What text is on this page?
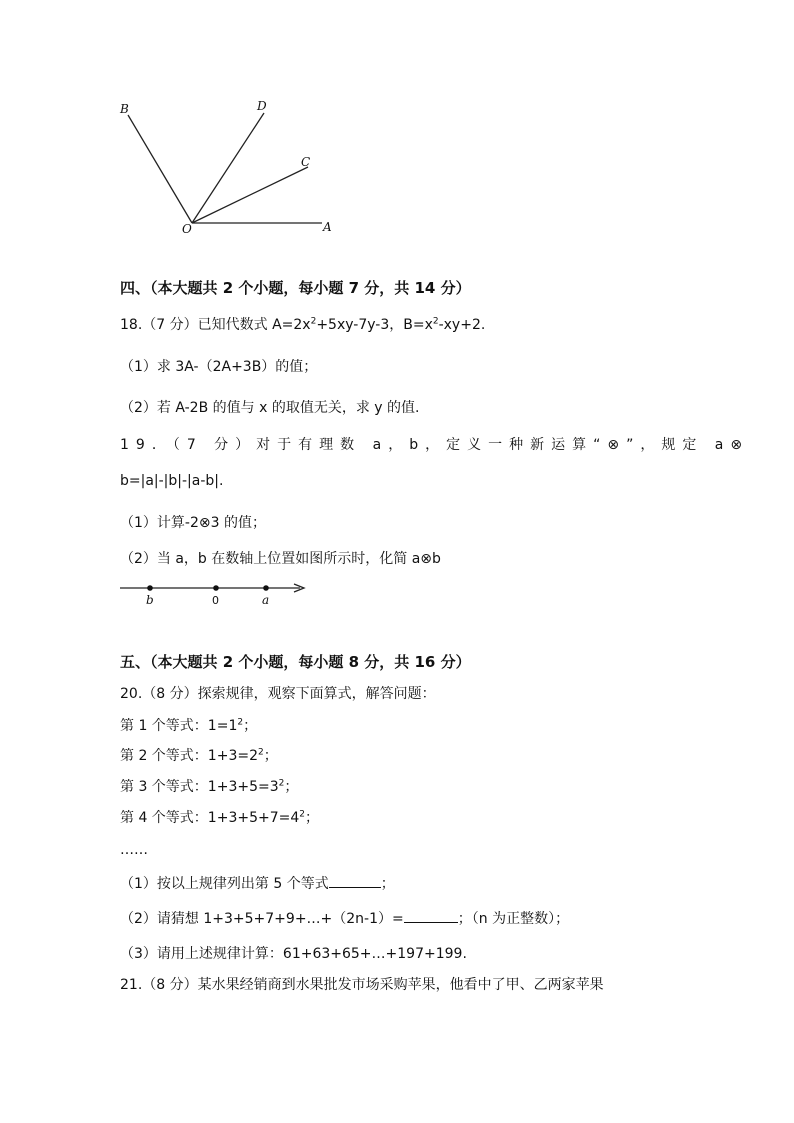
B	D
C
O	A
四、（本大题共 2 个小题，每小题 7 分，共 14 分）
18.（7 分）已知代数式 $A=2x^2+5xy-7y-3$，$B=x^2-xy+2$.
（1）求 3A-（2A+3B）的值；
（2）若 A-2B 的值与 x 的取值无关，求 y 的值.
19．（7 分）对于有理数 a，b，定义一种新运算“⊗”，规定 a⊗
b=|a|-|b|-|a-b|.
（1）计算-2⊗3 的值；
（2）当 a，b 在数轴上位置如图所示时，化简 a⊗b
b	0	a
五、（本大题共 2 个小题，每小题 8 分，共 16 分）
20.（8 分）探索规律，观察下面算式，解答问题：
第 1 个等式：$1=1^2$；
第 2 个等式：$1+3=2^2$；
第 3 个等式：$1+3+5=3^2$；
第 4 个等式：$1+3+5+7=4^2$；
……
（1）按以上规律列出第 5 个等式	；
（2）请猜想 1+3+5+7+9+…+（2n-1）=	；（n 为正整数）；
（3）请用上述规律计算：61+63+65+…+197+199.
21.（8 分）某水果经销商到水果批发市场采购苹果，他看中了甲、乙两家苹果
